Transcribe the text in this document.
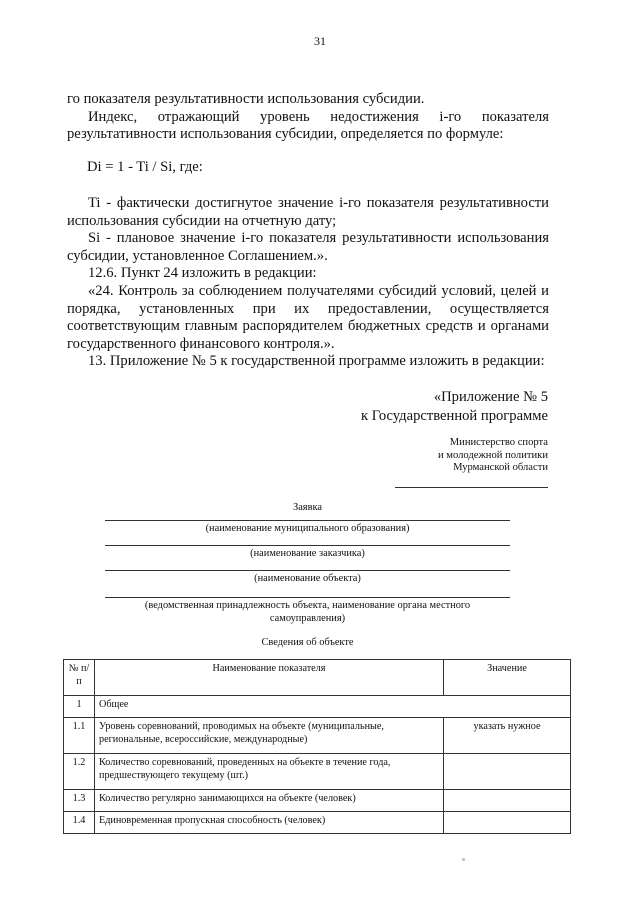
31

го показателя результативности использования субсидии.

Индекс, отражающий уровень недостижения i-го показателя результативности использования субсидии, определяется по формуле:

Di = 1 - Ti / Si, где:

Ti - фактически достигнутое значение i-го показателя результативности использования субсидии на отчетную дату;

Si - плановое значение i-го показателя результативности использования субсидии, установленное Соглашением.».

12.6. Пункт 24 изложить в редакции:

«24. Контроль за соблюдением получателями субсидий условий, целей и порядка, установленных при их предоставлении, осуществляется соответствующим главным распорядителем бюджетных средств и органами государственного финансового контроля.».

13. Приложение № 5 к государственной программе изложить в редакции:

«Приложение № 5
к Государственной программе
Министерство спорта
и молодежной политики
Мурманской области
Заявка
(наименование муниципального образования)
(наименование заказчика)
(наименование объекта)
(ведомственная принадлежность объекта, наименование органа местного самоуправления)
Сведения об объекте
№ п/п	Наименование показателя	Значение
1	Общее	
1.1	Уровень соревнований, проводимых на объекте (муниципальные, региональные, всероссийские, международные)	указать нужное
1.2	Количество соревнований, проведенных на объекте в течение года, предшествующего текущему (шт.)	
1.3	Количество регулярно занимающихся на объекте (человек)	
1.4	Единовременная пропускная способность (человек)	
